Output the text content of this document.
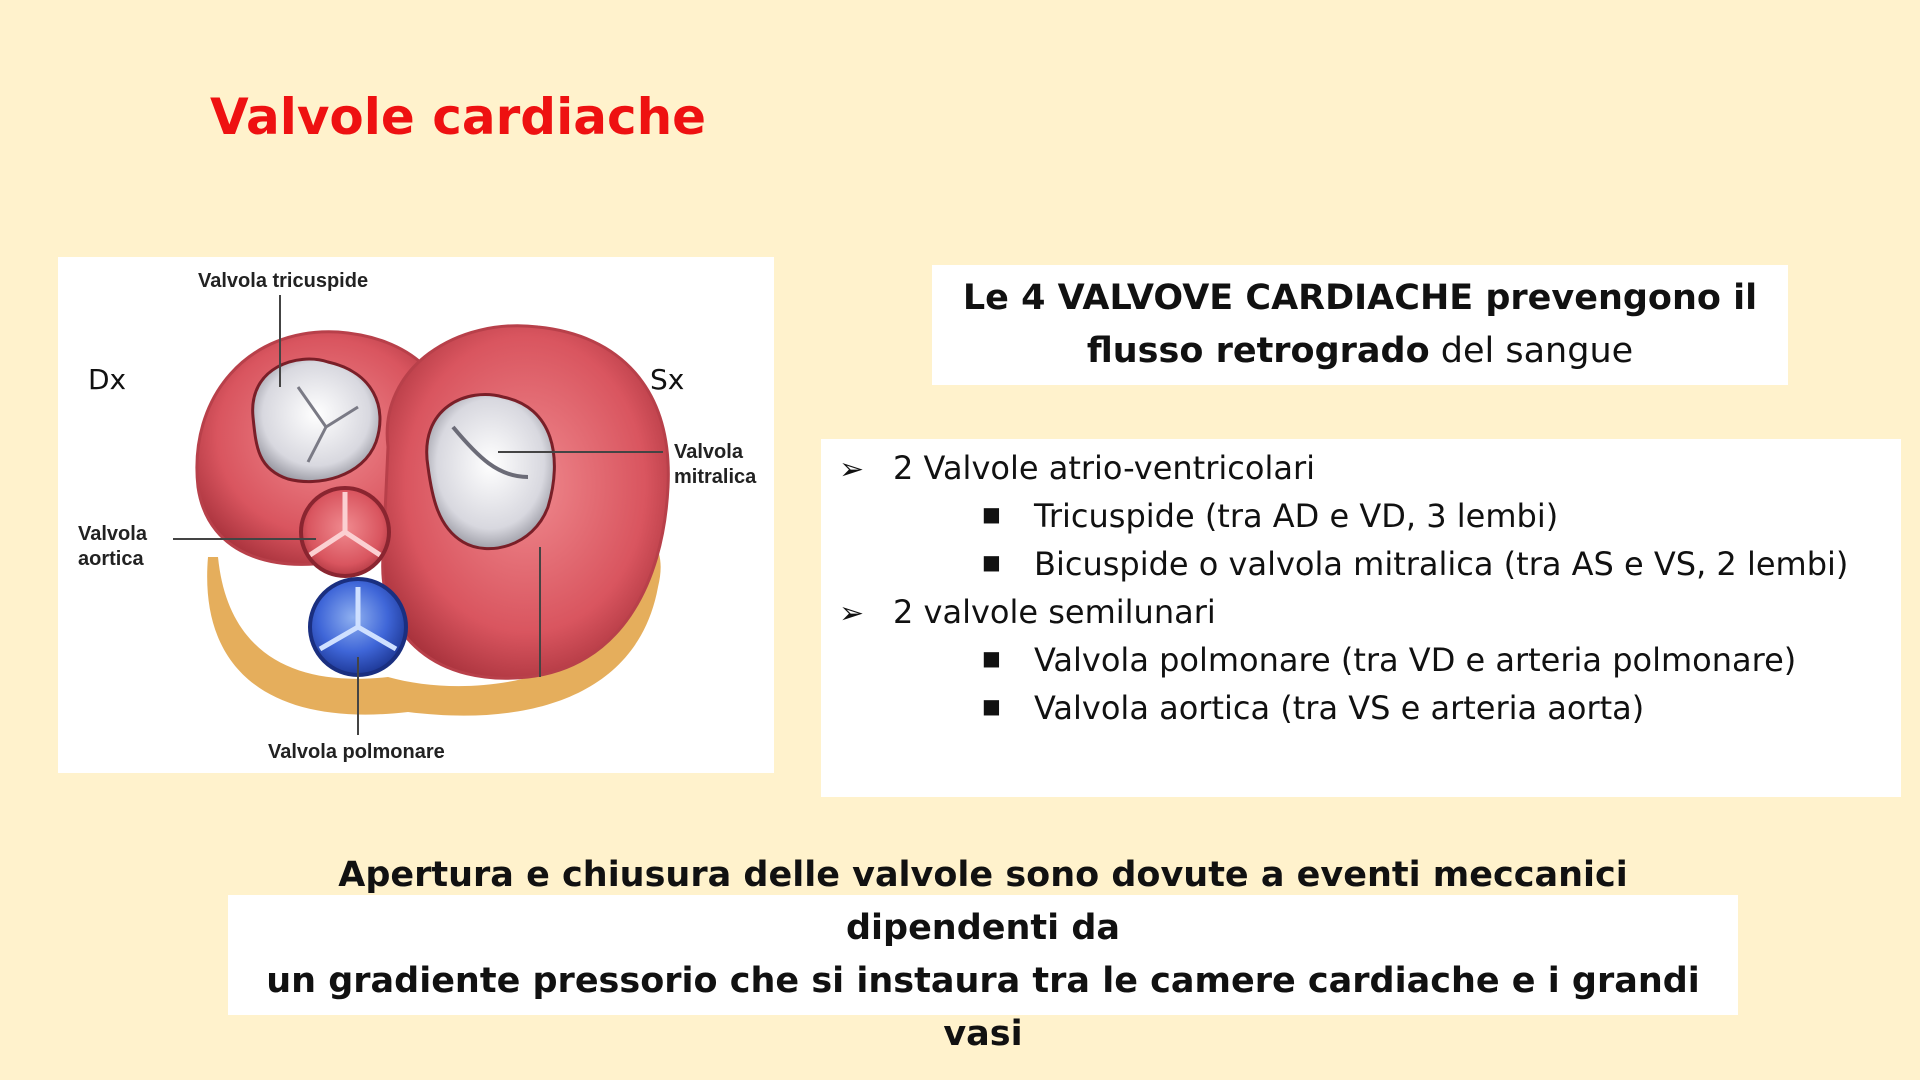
Valvole cardiache
Valvola tricuspide
Valvola
mitralica
Valvola
aortica
Valvola polmonare
Dx	Sx
Le 4 VALVOVE CARDIACHE prevengono il
flusso retrogrado del sangue
➢ 2 Valvole atrio-ventricolari
■ Tricuspide (tra AD e VD, 3 lembi)
■ Bicuspide o valvola mitralica (tra AS e VS, 2 lembi)
➢ 2 valvole semilunari
■ Valvola polmonare (tra VD e arteria polmonare)
■ Valvola aortica (tra VS e arteria aorta)
Apertura e chiusura delle valvole sono dovute a eventi meccanici dipendenti da
un gradiente pressorio che si instaura tra le camere cardiache e i grandi vasi
